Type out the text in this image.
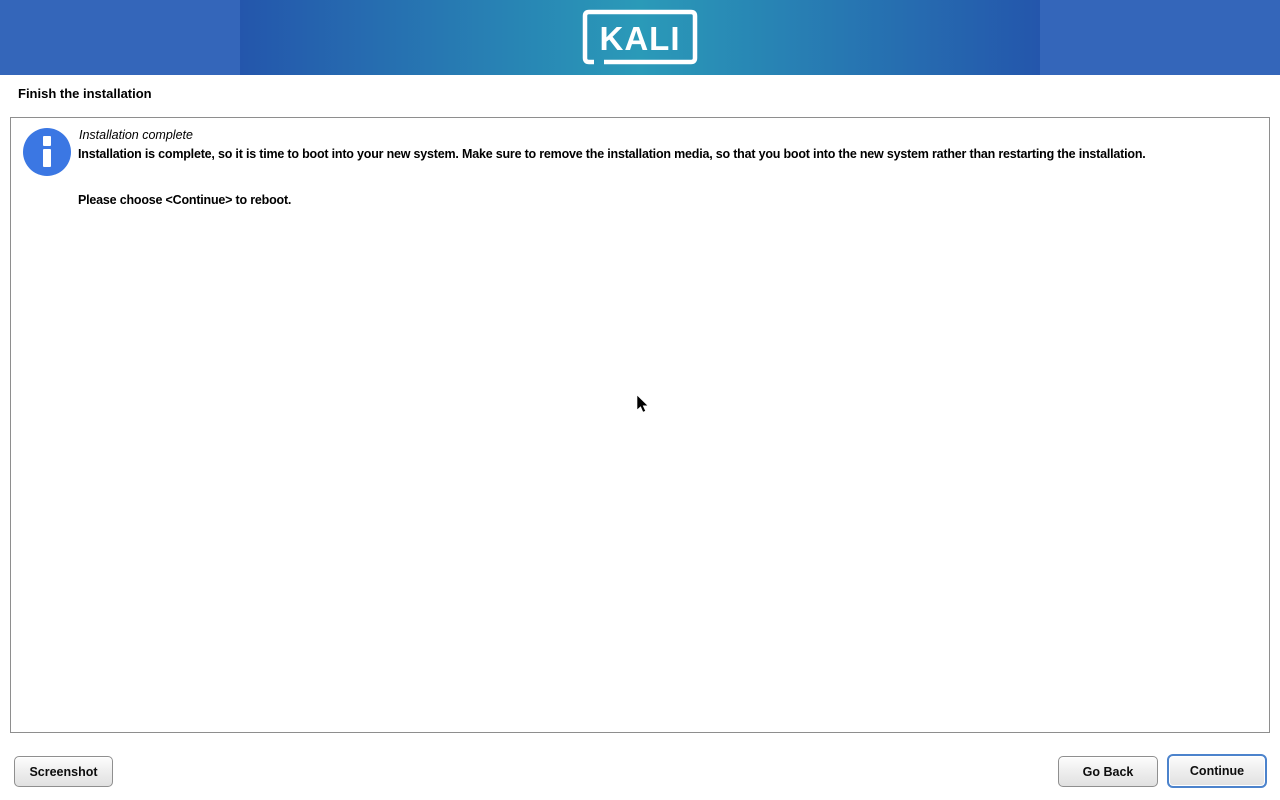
KALI
Finish the installation
Installation complete
Installation is complete, so it is time to boot into your new system. Make sure to remove the installation media, so that you boot into the new system rather than restarting the installation.
Please choose <Continue> to reboot.
Screenshot	Go Back	Continue
